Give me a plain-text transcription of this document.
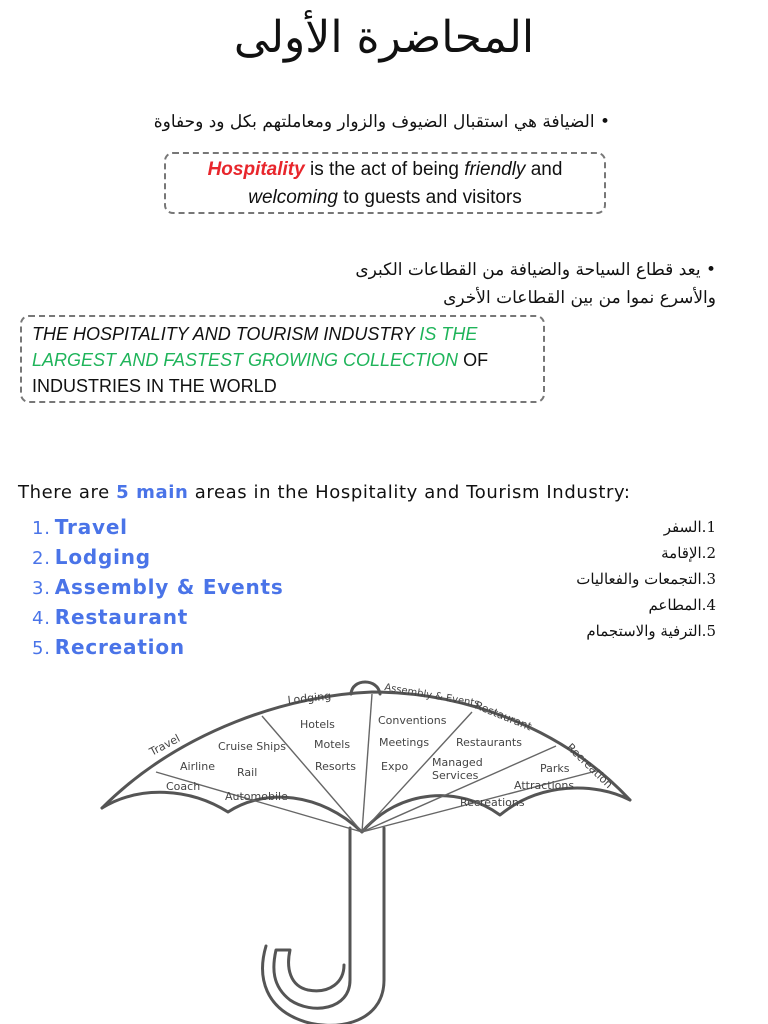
المحاضرة الأولى
• الضيافة هي استقبال الضيوف والزوار ومعاملتهم بكل ود وحفاوة
Hospitality is the act of being friendly and
welcoming to guests and visitors
• يعد قطاع السياحة والضيافة من القطاعات الكبرى
والأسرع نموا من بين القطاعات الأخرى
THE HOSPITALITY AND TOURISM INDUSTRY IS THE LARGEST AND FASTEST GROWING COLLECTION OF INDUSTRIES IN THE WORLD
There are 5 main areas in the Hospitality and Tourism Industry:
1. Travel
2. Lodging
3. Assembly & Events
4. Restaurant
5. Recreation
1.السفر
2.الإقامة
3.التجمعات والفعاليات
4.المطاعم
5.الترفية والاستجمام
Travel
Lodging	Assembly & Events
Restaurant
Recreation
Airline
Coach
Cruise Ships
Rail
Automobile
Hotels
Motels
Resorts
Conventions
Meetings
Expo
Restaurants
Managed
Services
Parks
Attractions
Recreations
